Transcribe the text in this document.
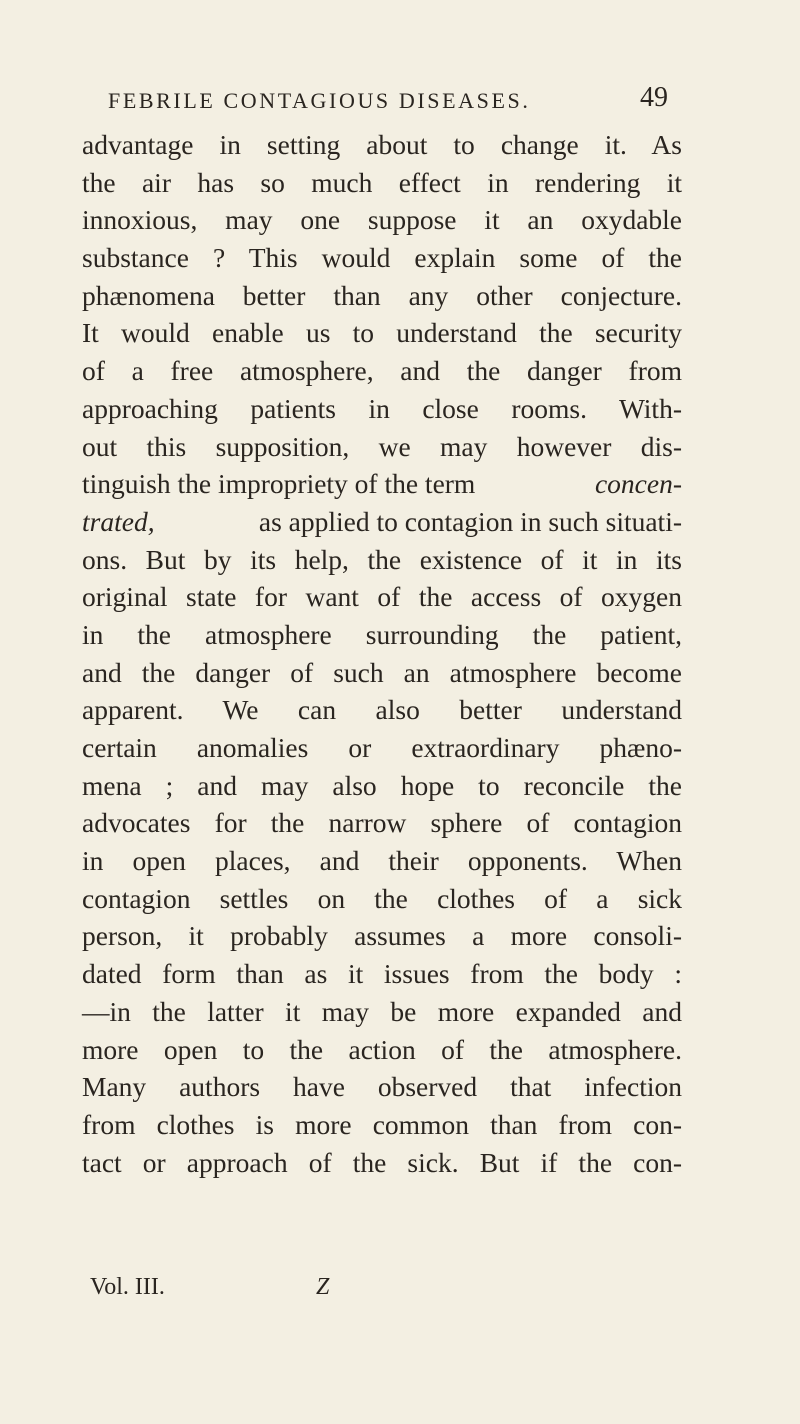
FEBRILE CONTAGIOUS DISEASES.	49
advantage in setting about to change it. As
the air has so much effect in rendering it
innoxious, may one suppose it an oxydable
substance ? This would explain some of the
phænomena better than any other conjecture.
It would enable us to understand the security
of a free atmosphere, and the danger from
approaching patients in close rooms. With-
out this supposition, we may however dis-
tinguish the impropriety of the term	concen-
trated,	as applied to contagion in such situati-
ons. But by its help, the existence of it in its
original state for want of the access of oxygen
in the atmosphere surrounding the patient,
and the danger of such an atmosphere become
apparent. We can also better understand
certain anomalies or extraordinary phæno-
mena ; and may also hope to reconcile the
advocates for the narrow sphere of contagion
in open places, and their opponents. When
contagion settles on the clothes of a sick
person, it probably assumes a more consoli-
dated form than as it issues from the body :
—in the latter it may be more expanded and
more open to the action of the atmosphere.
Many authors have observed that infection
from clothes is more common than from con-
tact or approach of the sick. But if the con-
Vol. III.	Z
